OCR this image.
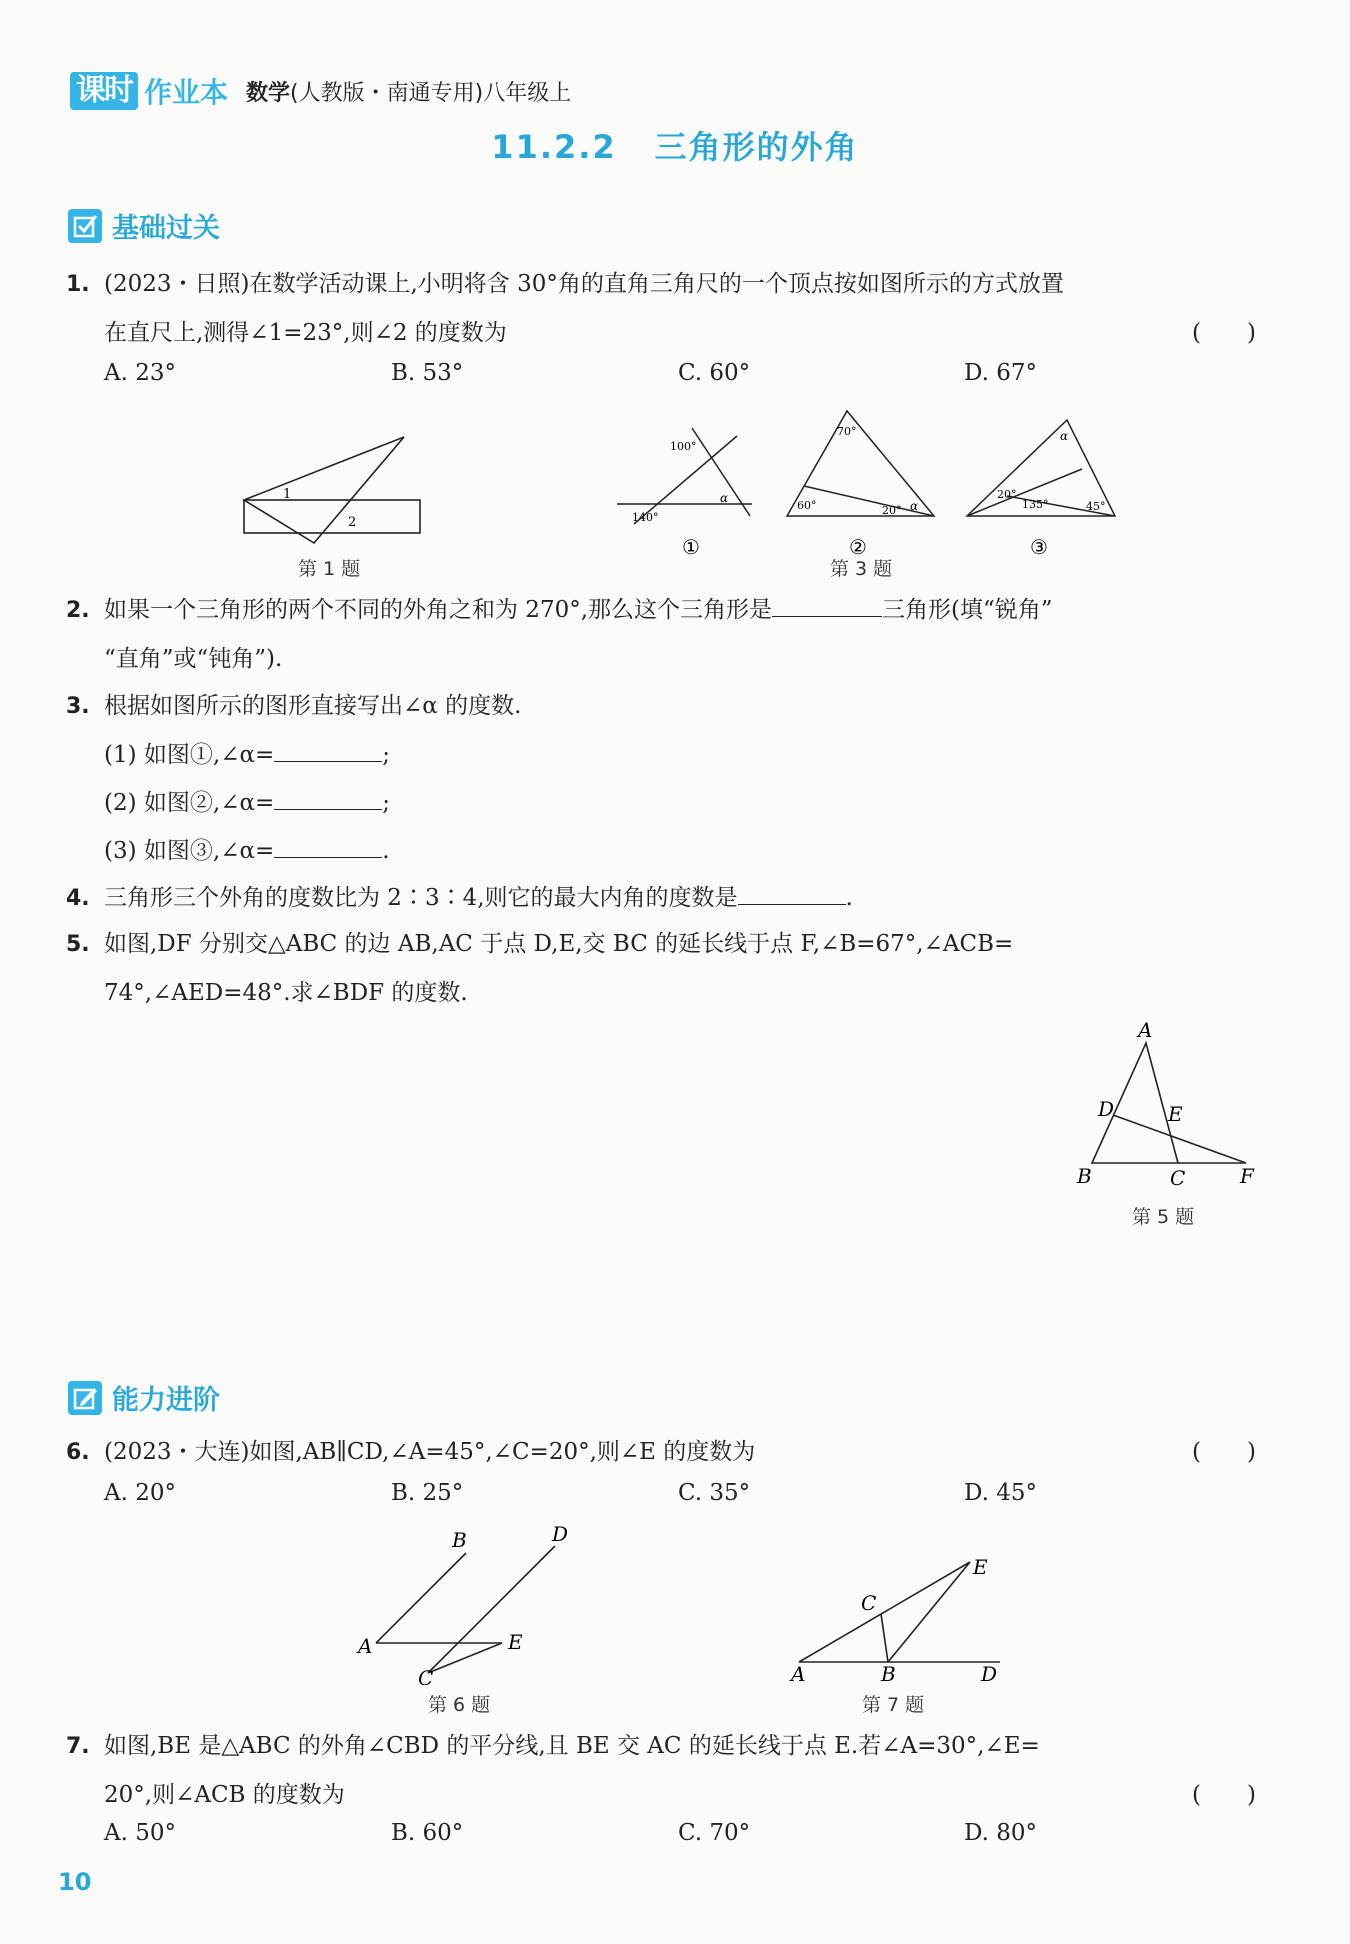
课时 作业本 数学(人教版・南通专用)八年级上
11.2.2 三角形的外角
基础过关
1. (2023・日照)在数学活动课上,小明将含 30°角的直角三角尺的一个顶点按如图所示的方式放置
在直尺上,测得∠1=23°,则∠2 的度数为	(　　)
A. 23°	B. 53°	C. 60°	D. 67°
1
2
第 1 题
100°
140°
α
①
70°
60°	20° α
②
α
20°
135°	45°
③
第 3 题
2. 如果一个三角形的两个不同的外角之和为 270°,那么这个三角形是	三角形(填“锐角”
“直角”或“钝角”).
3. 根据如图所示的图形直接写出∠α 的度数.
(1) 如图①,∠α=	;
(2) 如图②,∠α=	;
(3) 如图③,∠α=	.
4. 三角形三个外角的度数比为 2∶3∶4,则它的最大内角的度数是	.
5. 如图,DF 分别交△ABC 的边 AB,AC 于点 D,E,交 BC 的延长线于点 F,∠B=67°,∠ACB=
74°,∠AED=48°.求∠BDF 的度数.
A
D	E
B	C	F
第 5 题
能力进阶
6. (2023・大连)如图,AB∥CD,∠A=45°,∠C=20°,则∠E 的度数为	(　　)
A. 20°	B. 25°	C. 35°	D. 45°
B	D
A	E
C
第 6 题
E
C
A	B	D
第 7 题
7. 如图,BE 是△ABC 的外角∠CBD 的平分线,且 BE 交 AC 的延长线于点 E.若∠A=30°,∠E=
20°,则∠ACB 的度数为	(　　)
A. 50°	B. 60°	C. 70°	D. 80°
10
